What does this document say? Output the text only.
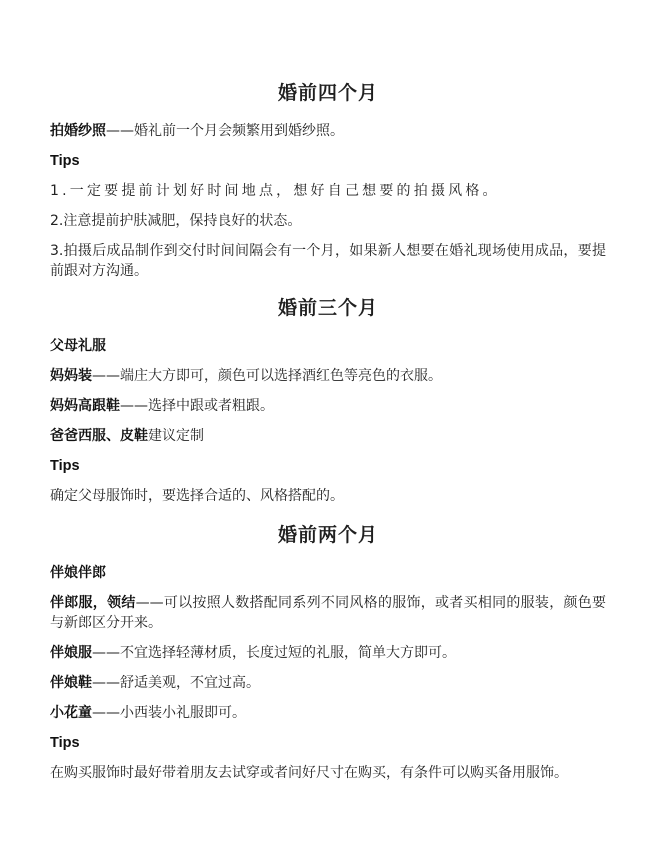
婚前四个月

拍婚纱照——婚礼前一个月会频繁用到婚纱照。

Tips

1.一定要提前计划好时间地点，想好自己想要的拍摄风格。

2.注意提前护肤减肥，保持良好的状态。

3.拍摄后成品制作到交付时间间隔会有一个月，如果新人想要在婚礼现场使用成品，要提前跟对方沟通。

婚前三个月

父母礼服

妈妈装——端庄大方即可，颜色可以选择酒红色等亮色的衣服。

妈妈高跟鞋——选择中跟或者粗跟。

爸爸西服、皮鞋建议定制

Tips

确定父母服饰时，要选择合适的、风格搭配的。

婚前两个月

伴娘伴郎

伴郎服，领结——可以按照人数搭配同系列不同风格的服饰，或者买相同的服装，颜色要与新郎区分开来。

伴娘服——不宜选择轻薄材质，长度过短的礼服，简单大方即可。

伴娘鞋——舒适美观，不宜过高。

小花童——小西装小礼服即可。

Tips

在购买服饰时最好带着朋友去试穿或者问好尺寸在购买，有条件可以购买备用服饰。
